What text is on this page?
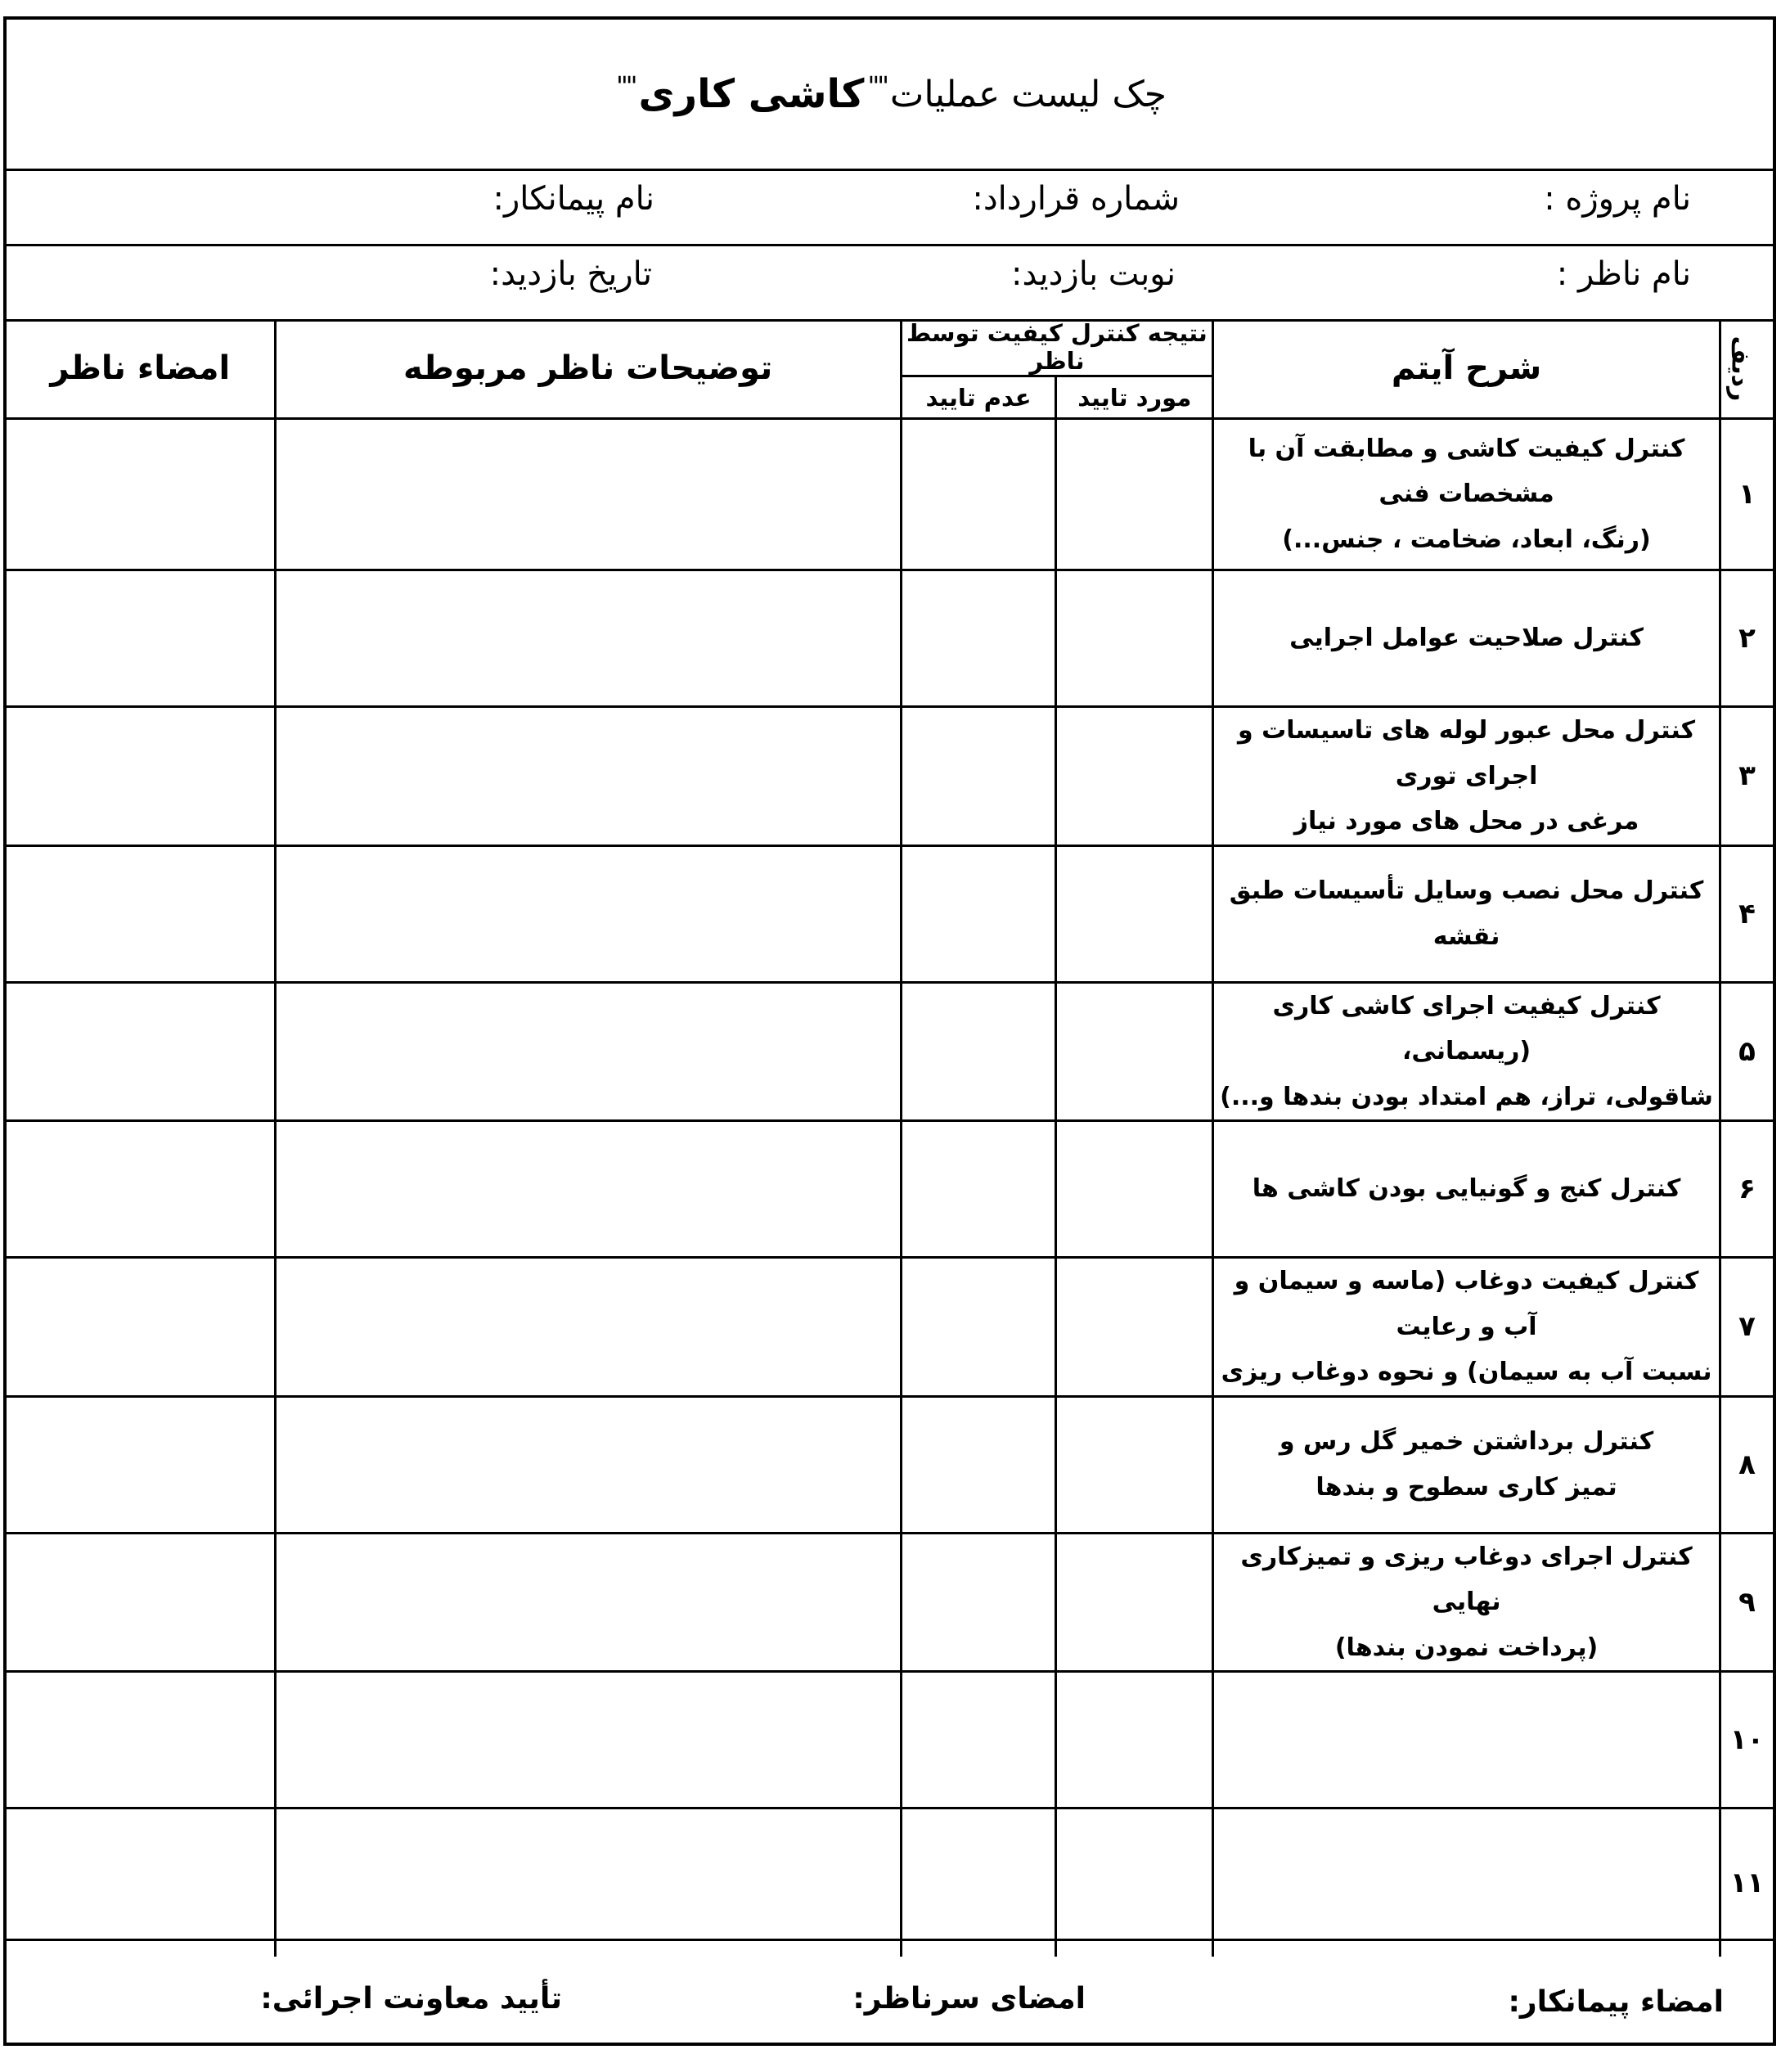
چک لیست عملیات
""
کاشی کاری
""
نام پروژه :
شماره قرارداد:
نام پیمانکار:
نام ناظر :
نوبت بازدید:
تاریخ بازدید:
ردیف	شرح آیتم	نتیجه کنترل کیفیت توسط ناظر		توضیحات ناظر مربوطه	امضاء ناظر
		مورد تایید	عدم تایید		
۱	کنترل کیفیت کاشی و مطابقت آن با مشخصات فنی
(رنگ، ابعاد، ضخامت ، جنس...)				

۲	کنترل صلاحیت عوامل اجرایی				

۳	کنترل محل عبور لوله های تاسیسات و اجرای توری
مرغی در محل های مورد نیاز				

۴	کنترل محل نصب وسایل تأسیسات طبق نقشه				

۵	کنترل کیفیت اجرای کاشی کاری (ریسمانی،
شاقولی، تراز، هم امتداد بودن بندها و...)				

۶	کنترل کنج و گونیایی بودن کاشی ها				

۷	کنترل کیفیت دوغاب (ماسه و سیمان و آب و رعایت
نسبت آب به سیمان) و نحوه دوغاب ریزی				

۸	کنترل برداشتن خمیر گل رس و
تمیز کاری سطوح و بندها				

۹	کنترل اجرای دوغاب ریزی و تمیزکاری نهایی
(پرداخت نمودن بندها)				

۱۰	

۱۱	

امضاء پیمانکار:
امضای سرناظر:
تأیید معاونت اجرائی:
